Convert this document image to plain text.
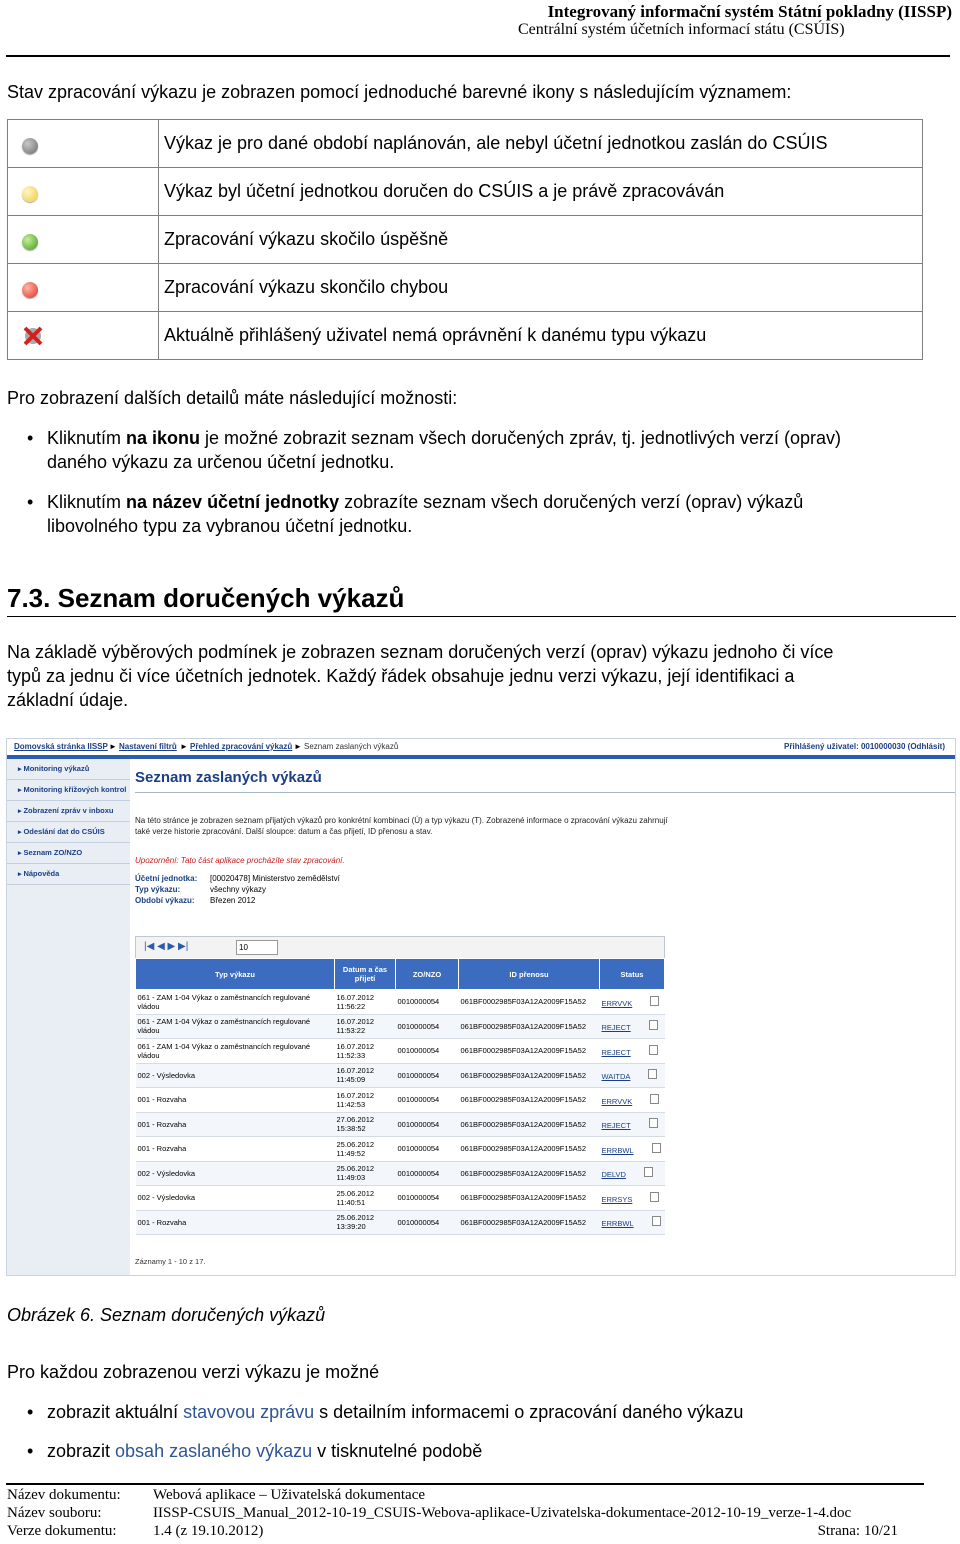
Integrovaný informační systém Státní pokladny (IISSP)
Centrální systém účetních informací státu (CSÚIS)
Stav zpracování výkazu je zobrazen pomocí jednoduché barevné ikony s následujícím významem:
	Výkaz je pro dané období naplánován, ale nebyl účetní jednotkou zaslán do CSÚIS
	Výkaz byl účetní jednotkou doručen do CSÚIS a je právě zpracováván
	Zpracování výkazu skočilo úspěšně
	Zpracování výkazu skončilo chybou
	Aktuálně přihlášený uživatel nemá oprávnění k danému typu výkazu
Pro zobrazení dalších detailů máte následující možnosti:
• Kliknutím na ikonu je možné zobrazit seznam všech doručených zpráv, tj. jednotlivých verzí (oprav)
daného výkazu za určenou účetní jednotku.
• Kliknutím na název účetní jednotky zobrazíte seznam všech doručených verzí (oprav) výkazů
libovolného typu za vybranou účetní jednotku.
7.3. Seznam doručených výkazů
Na základě výběrových podmínek je zobrazen seznam doručených verzí (oprav) výkazu jednoho či více
typů za jednu či více účetních jednotek. Každý řádek obsahuje jednu verzi výkazu, její identifikaci a
základní údaje.
Domovská stránka IISSP ► Nastavení filtrů ► Přehled zpracování výkazů ► Seznam zaslaných výkazů	Přihlášený uživatel: 0010000030 (Odhlásit)
▸ Monitoring výkazů
▸ Monitoring křížových kontrol
▸ Zobrazení zpráv v inboxu
▸ Odeslání dat do CSÚIS
▸ Seznam ZO/NZO
▸ Nápověda
Seznam zaslaných výkazů
Na této stránce je zobrazen seznam přijatých výkazů pro konkrétní kombinaci (Ú) a typ výkazu (T). Zobrazené informace o zpracování výkazu zahrnují také verze historie zpracování. Další sloupce: datum a čas přijetí, ID přenosu a stav.
Upozornění: Tato část aplikace procházíte stav zpracování.
Účetní jednotka: [00020478] Ministerstvo zemědělství
Typ výkazu:	všechny výkazy
Období výkazu: Březen 2012
|◀ ◀ ▶ ▶|	10
Typ výkazu	Datum a čas přijetí	ZO/NZO	ID přenosu	Status
061 - ZAM 1-04 Výkaz o zaměstnancích regulované vládou	16.07.2012 11:56:22	0010000054	061BF0002985F03A12A2009F15A52	ERRVVK
061 - ZAM 1-04 Výkaz o zaměstnancích regulované vládou	16.07.2012 11:53:22	0010000054	061BF0002985F03A12A2009F15A52	REJECT
061 - ZAM 1-04 Výkaz o zaměstnancích regulované vládou	16.07.2012 11:52:33	0010000054	061BF0002985F03A12A2009F15A52	REJECT
002 - Výsledovka	16.07.2012 11:45:09	0010000054	061BF0002985F03A12A2009F15A52	WAITDA
001 - Rozvaha	16.07.2012 11:42:53	0010000054	061BF0002985F03A12A2009F15A52	ERRVVK
001 - Rozvaha	27.06.2012 15:38:52	0010000054	061BF0002985F03A12A2009F15A52	REJECT
001 - Rozvaha	25.06.2012 11:49:52	0010000054	061BF0002985F03A12A2009F15A52	ERRBWL
002 - Výsledovka	25.06.2012 11:49:03	0010000054	061BF0002985F03A12A2009F15A52	DELVD
002 - Výsledovka	25.06.2012 11:40:51	0010000054	061BF0002985F03A12A2009F15A52	ERRSYS
001 - Rozvaha	25.06.2012 13:39:20	0010000054	061BF0002985F03A12A2009F15A52	ERRBWL
Záznamy 1 - 10 z 17.
Obrázek 6. Seznam doručených výkazů
Pro každou zobrazenou verzi výkazu je možné
• zobrazit aktuální stavovou zprávu s detailním informacemi o zpracování daného výkazu
• zobrazit obsah zaslaného výkazu v tisknutelné podobě
Název dokumentu: Webová aplikace – Uživatelská dokumentace
Název souboru:	IISSP-CSUIS_Manual_2012-10-19_CSUIS-Webova-aplikace-Uzivatelska-dokumentace-2012-10-19_verze-1-4.doc
Verze dokumentu: 1.4 (z 19.10.2012)	Strana: 10/21
